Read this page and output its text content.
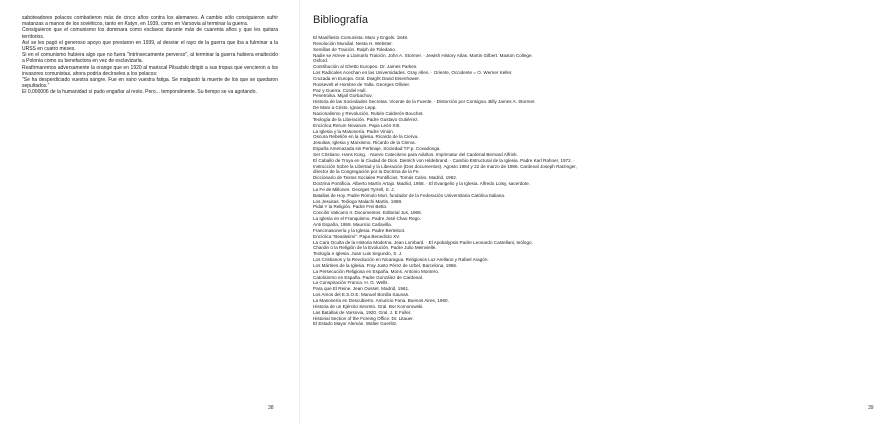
saboteadores polacos combatieron más de cinco años contra los alemanes. A cambio sólo consiguieron sufrir matanzas a manos de los soviéticos, tanto en Katyn, en 1939, como en Varsovia al terminar la guerra.

Consiguieron que el comunismo los dominara como esclavos durante más de cuarenta años y que les quitara territorios.

Así se les pagó el generoso apoyo que prestaron en 1939, al desviar el rayo de la guerra que iba a fulminar a la URSS en cuatro meses.

Si en el comunismo hubiera algo que no fuera "intrínsecamente perverso", al terminar la guerra hubiera enaltecido a Polonia como su benefactora en vez de esclavizarla.

Reafirmaremos adversamente la orange que en 1920 al mariscal Pilsudski dirigió a sus tropas que vencieron a los invasores comunistas, ahora podría decírseles a los polacos:

"Se ha desperdiciado vuestra sangre. Fue en vano vuestra fatiga. Se malgastó la muerte de los que se quedaron sepultados."

El 0.000006 de la humanidad sí pudo engañar al resto. Pero... temporalmente. Su tiempo se va agotando.

38	39
Bibliografía
El Manifiesto Comunista. Marx y Engels. 1848.
Revolución Mundial. Nesta H. Webster.
Semillas de Traición. Ralph de Toledano.
Nadie se Atreve a Llamarlo Traición. John A. Stormer. · Jewish History Atlas. Martin Gilbert. Maxton College.
Oxford.
Contribución al Ghetto Europeo. Dr. James Parkes.
Los Radicales Acechan en las Universidades. Gray Allen. · Oriente, Occidente = O. Werner Keller.
Cruzada en Europa. Gral. Dwight David Eisenhower.
Roosevelt el Hombre de Yalta. Georges Ollivier.
Paz y Guerra. Cordel Hull.
Penetroika. Mijail Gorbachov.
Historia de las Sociedades Secretas. Vicente de la Fuente. · Distorción por Consigna. Billy James A. Stormer.
De Marx a Cristo. Ignace Lepp.
Nacionalismo y Revolución. Rubén Calderón Bouchet.
Teología de la Liberación. Padre Gustavo Gutiérrez.
Encíclica Rerum Novarum. Papa León XIII.
La Iglesia y la Masonería. Padre Vinion.
Oscura Rebelión en la Iglesia. Ricardo de la Cierva.
Jesuitas, Iglesia y Marxismo. Ricardo de la Cierva.
España Amenazada sin Pertinaje. Sociedad T.F.p. Covadonga.
Ser Cristiano. Hans Küng. · Nuevo Catecismo para Adultos. Imprimatur del Cardenal Bernard Alfrink.
El Caballo de Troya en la Ciudad de Dios. Dietrich von Hildebrand. · Cambio Estructural de la Iglesia. Padre Karl Rahner, 1972. · Instrucción Sobre la Libertad y la Liberación (Dos documentos). Agosto 1984 y 22 de marzo de 1986. Cardenal Joseph Ratzinger, director de la Congregación por la Doctrina de la Fe.
Diccionario de Textos Sociales Pontificios. Tomás Calvo. Madrid, 1962.
Doctrina Pontificia. Alberto Martín Artajo. Madrid, 1958. · El Evangelio y la Iglesia. Alfredo Loisy, sacerdote.
La Fe de Millones. Georges Tyrrell, S. J.
Batallas de Hoy. Padre Rómulo Muri, fundador de la Federación Universitaria Católica Italiana.
Los Jesuitas. Teólogo Malachi Martin, 1988.
Pidal Y la Religión. Padre Frei Betto.
Concilio Vaticano II. Documentos. Editorial Jus, 1966.
La Iglesia en el Franquismo. Padre José Chao Rego.
Anti España, 1959. Mauricio Carlavilla.
Francmasonería y la Iglesia. Padre Berteloot.
Encíclica "Beatissimi". Papa Benedicto XV.
La Cara Oculta de la Historia Moderna. Jean Lombard. · El Apokalypsis Padre Leonardo Castellani, teólogo.
Chardin o la Religión de la Evolución. Padre Julio Meinvielle.
Teología e Iglesia. Juan Luis Segundo, S. J.
Los Cristianos y la Revolución en Nicaragua. Religiosos Luz Arellano y Rafael Aragón.
Los Mártires de la Iglesia. Fray Justo Pérez de Urbel, Barcelona, 1956.
La Persecución Religiosa en España. Mons. Antonio Montero.
Catolicismo en España. Padre González de Cardenal.
La Conspiración Franca. H. G. Wells.
Para que El Reine. Jean Ousset. Madrid, 1961.
Los Amos del E.S.O.E. Manuel Bonilla Saunas.
La Masonería en Descubierto. Amuricio Fana. Buenos Aires, 1960.
Historia de un Ejército Secreto. Gral. Bor Komorowski.
Las Batallas de Varsovia, 1920. Gral. J. E Fuller.
Historial Section of the Foreing Office. Dr. Litauer.
El Estado Mayor Alemán. Walter Goerlitz.
